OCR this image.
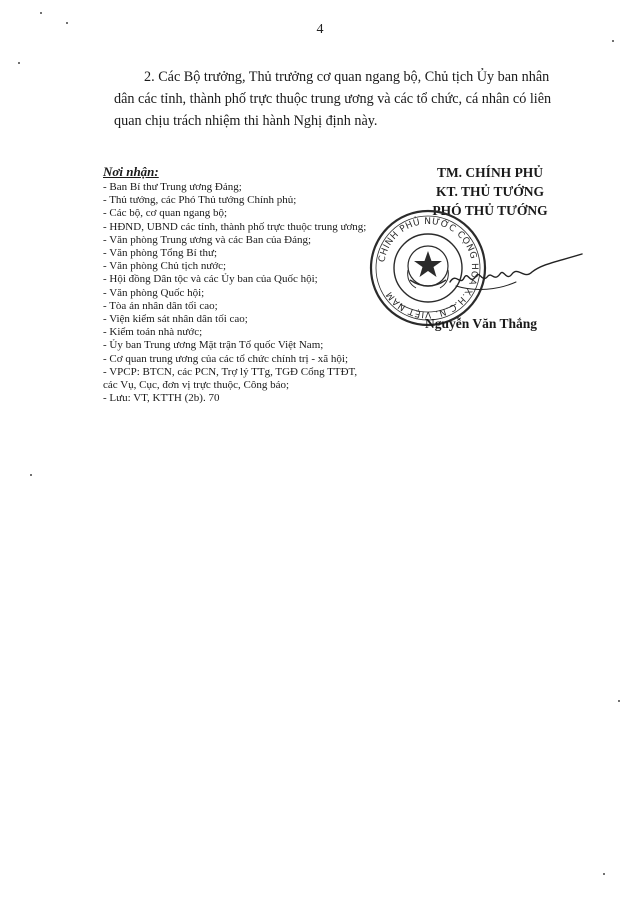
4
2. Các Bộ trưởng, Thủ trưởng cơ quan ngang bộ, Chủ tịch Ủy ban nhân
dân các tỉnh, thành phố trực thuộc trung ương và các tổ chức, cá nhân có liên
quan chịu trách nhiệm thi hành Nghị định này.
Nơi nhận:
- Ban Bí thư Trung ương Đảng;
- Thủ tướng, các Phó Thủ tướng Chính phủ;
- Các bộ, cơ quan ngang bộ;
- HĐND, UBND các tỉnh, thành phố trực thuộc trung ương;
- Văn phòng Trung ương và các Ban của Đảng;
- Văn phòng Tổng Bí thư;
- Văn phòng Chủ tịch nước;
- Hội đồng Dân tộc và các Ủy ban của Quốc hội;
- Văn phòng Quốc hội;
- Tòa án nhân dân tối cao;
- Viện kiểm sát nhân dân tối cao;
- Kiểm toán nhà nước;
- Ủy ban Trung ương Mặt trận Tổ quốc Việt Nam;
- Cơ quan trung ương của các tổ chức chính trị - xã hội;
- VPCP: BTCN, các PCN, Trợ lý TTg, TGĐ Cổng TTĐT,
các Vụ, Cục, đơn vị trực thuộc, Công báo;
- Lưu: VT, KTTH (2b). 70
TM. CHÍNH PHỦ
KT. THỦ TƯỚNG
PHÓ THỦ TƯỚNG
CHÍNH PHỦ NƯỚC CỘNG HÒA X.H.C.N. VIỆT NAM
Nguyễn Văn Thắng
